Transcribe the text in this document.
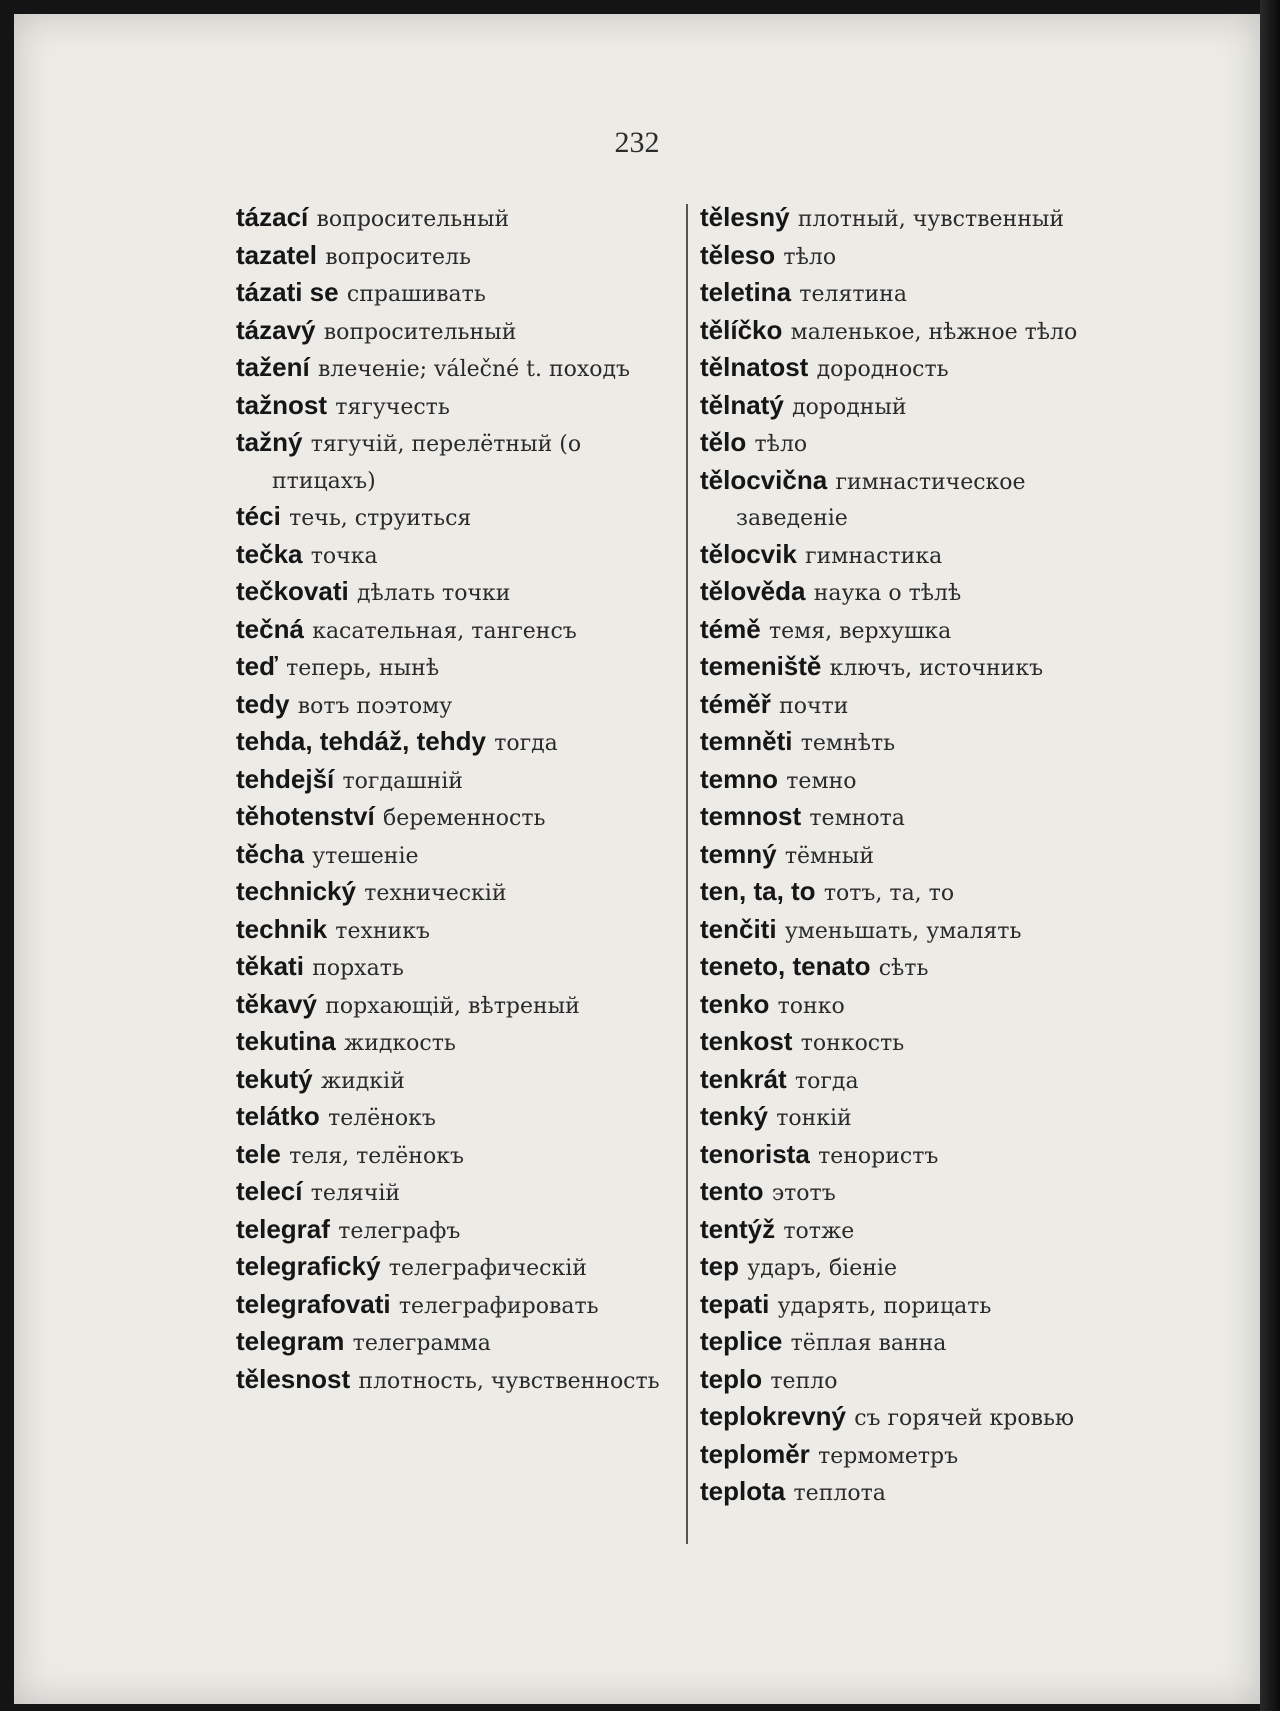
232
tázací вопросительный
tazatel вопроситель
tázati se спрашивать
tázavý вопросительный
tažení влеченіе; válečné t. походъ
tažnost тягучесть
tažný тягучій, перелётный (о птицахъ)
téci течь, струиться
tečka точка
tečkovati дѣлать точки
tečná касательная, тангенсъ
teď теперь, нынѣ
tedy вотъ поэтому
tehda, tehdáž, tehdy тогда
tehdejší тогдашній
těhotenství беременность
těcha утешеніе
technický техническій
technik техникъ
těkati порхать
těkavý порхающій, вѣтреный
tekutina жидкость
tekutý жидкій
telátko телёнокъ
tele теля, телёнокъ
telecí телячій
telegraf телеграфъ
telegrafický телеграфическій
telegrafovati телеграфировать
telegram телеграмма
tělesnost плотность, чувственность
tělesný плотный, чувственный
těleso тѣло
teletina телятина
tělíčko маленькое, нѣжное тѣло
tělnatost дородность
tělnatý дородный
tělo тѣло
tělocvična гимнастическое заведеніе
tělocvik гимнастика
tělověda наука о тѣлѣ
témě темя, верхушка
temeniště ключъ, источникъ
téměř почти
temněti темнѣть
temno темно
temnost темнота
temný тёмный
ten, ta, to тотъ, та, то
tenčiti уменьшать, умалять
teneto, tenato сѣть
tenko тонко
tenkost тонкость
tenkrát тогда
tenký тонкій
tenorista тенористъ
tento этотъ
tentýž тотже
tep ударъ, біеніе
tepati ударять, порицать
teplice тёплая ванна
teplo тепло
teplokrevný съ горячей кровью
teploměr термометръ
teplota теплота
